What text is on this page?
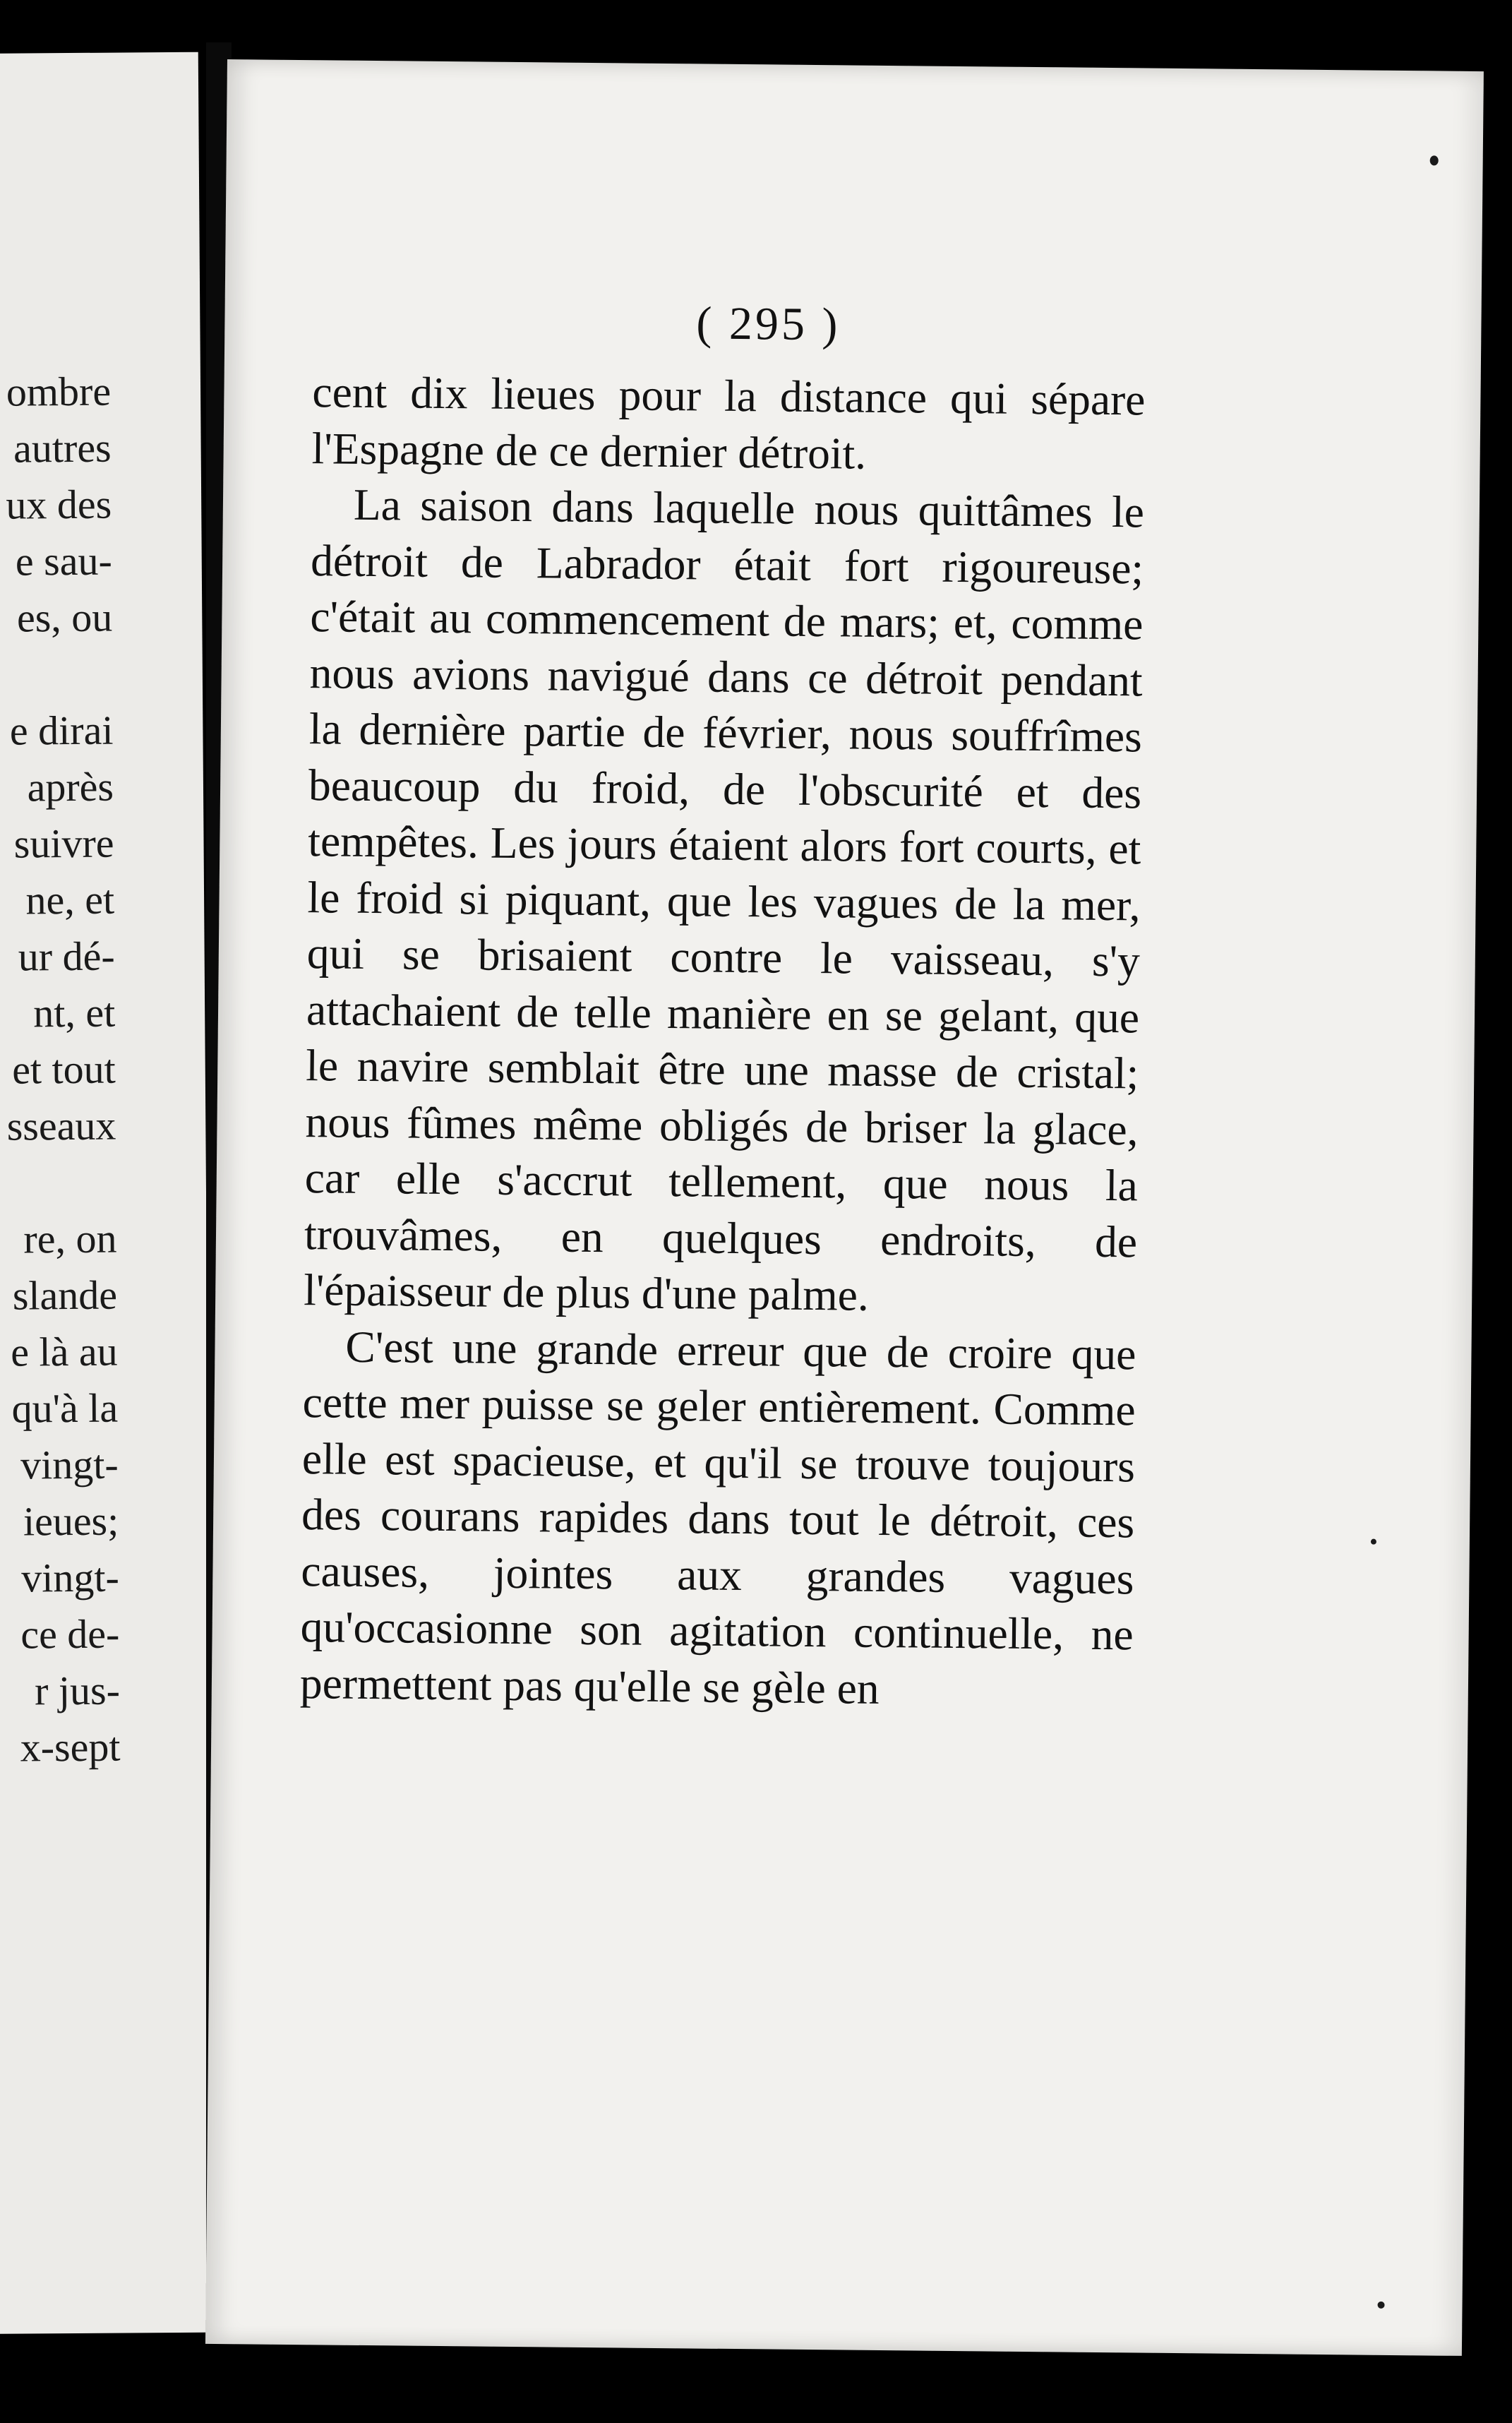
ombre
autres
ux des
e sau-
es, ou
e dirai
après
suivre
ne, et
ur dé-
nt, et
et tout
sseaux
re, on
slande
e là au
qu'à la
vingt-
ieues;
vingt-
ce de-
r jus-
x-sept
( 295 )

cent dix lieues pour la distance qui sépare l'Espagne de ce dernier détroit.

La saison dans laquelle nous quittâmes le détroit de Labrador était fort rigoureuse; c'était au commencement de mars; et, comme nous avions navigué dans ce détroit pendant la dernière partie de février, nous souffrîmes beaucoup du froid, de l'obscurité et des tempêtes. Les jours étaient alors fort courts, et le froid si piquant, que les vagues de la mer, qui se brisaient contre le vaisseau, s'y attachaient de telle manière en se gelant, que le navire semblait être une masse de cristal; nous fûmes même obligés de briser la glace, car elle s'accrut tellement, que nous la trouvâmes, en quelques endroits, de l'épaisseur de plus d'une palme.

C'est une grande erreur que de croire que cette mer puisse se geler entièrement. Comme elle est spacieuse, et qu'il se trouve toujours des courans rapides dans tout le détroit, ces causes, jointes aux grandes vagues qu'occasionne son agitation continuelle, ne permettent pas qu'elle se gèle en
